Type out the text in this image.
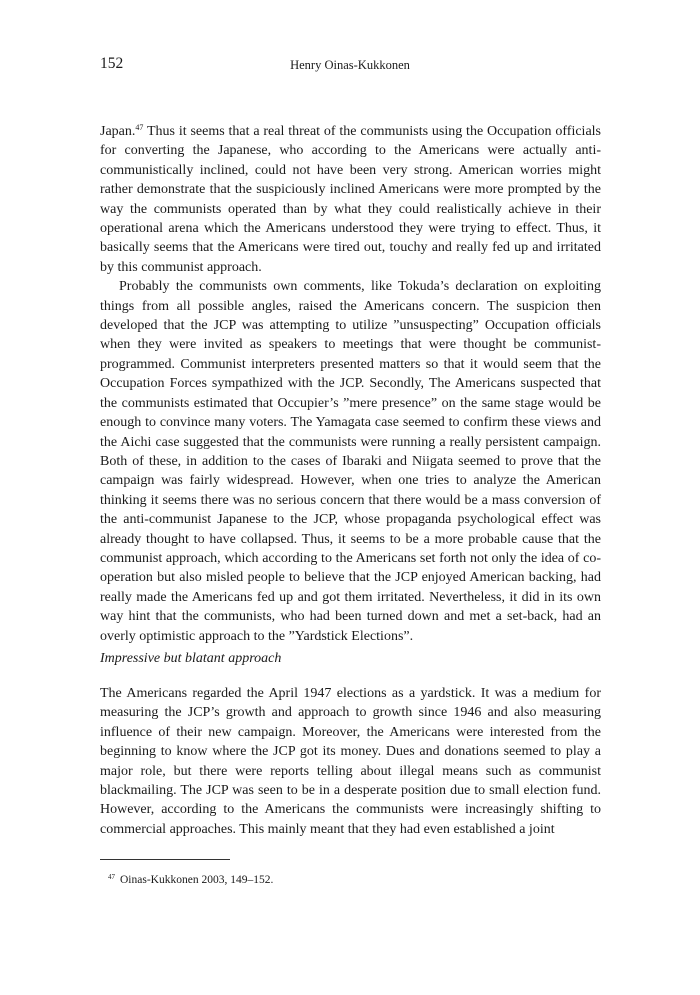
152	Henry Oinas-Kukkonen

Japan.$^{47}$ Thus it seems that a real threat of the communists using the Occupation officials for converting the Japanese, who according to the Americans were actually anti-communistically inclined, could not have been very strong. American worries might rather demonstrate that the suspiciously inclined Americans were more prompted by the way the communists operated than by what they could realistically achieve in their operational arena which the Americans understood they were trying to effect. Thus, it basically seems that the Americans were tired out, touchy and really fed up and irritated by this communist approach.

Probably the communists own comments, like Tokuda’s declaration on exploiting things from all possible angles, raised the Americans concern. The suspicion then developed that the JCP was attempting to utilize ”unsuspecting” Occupation officials when they were invited as speakers to meetings that were thought be communist-programmed. Communist interpreters presented matters so that it would seem that the Occupation Forces sympathized with the JCP. Secondly, The Americans suspected that the communists estimated that Occupier’s ”mere presence” on the same stage would be enough to convince many voters. The Yamagata case seemed to confirm these views and the Aichi case suggested that the communists were running a really persistent campaign. Both of these, in addition to the cases of Ibaraki and Niigata seemed to prove that the campaign was fairly widespread. However, when one tries to analyze the American thinking it seems there was no serious concern that there would be a mass conversion of the anti-communist Japanese to the JCP, whose propaganda psychological effect was already thought to have collapsed. Thus, it seems to be a more probable cause that the communist approach, which according to the Americans set forth not only the idea of co-operation but also misled people to believe that the JCP enjoyed American backing, had really made the Americans fed up and got them irritated. Nevertheless, it did in its own way hint that the communists, who had been turned down and met a set-back, had an overly optimistic approach to the ”Yardstick Elections”.

Impressive but blatant approach

The Americans regarded the April 1947 elections as a yardstick. It was a medium for measuring the JCP’s growth and approach to growth since 1946 and also measuring influence of their new campaign. Moreover, the Americans were interested from the beginning to know where the JCP got its money. Dues and donations seemed to play a major role, but there were reports telling about illegal means such as communist blackmailing. The JCP was seen to be in a desperate position due to small election fund. However, according to the Americans the communists were increasingly shifting to commercial approaches. This mainly meant that they had even established a joint

$^{47}$ Oinas-Kukkonen 2003, 149–152.
